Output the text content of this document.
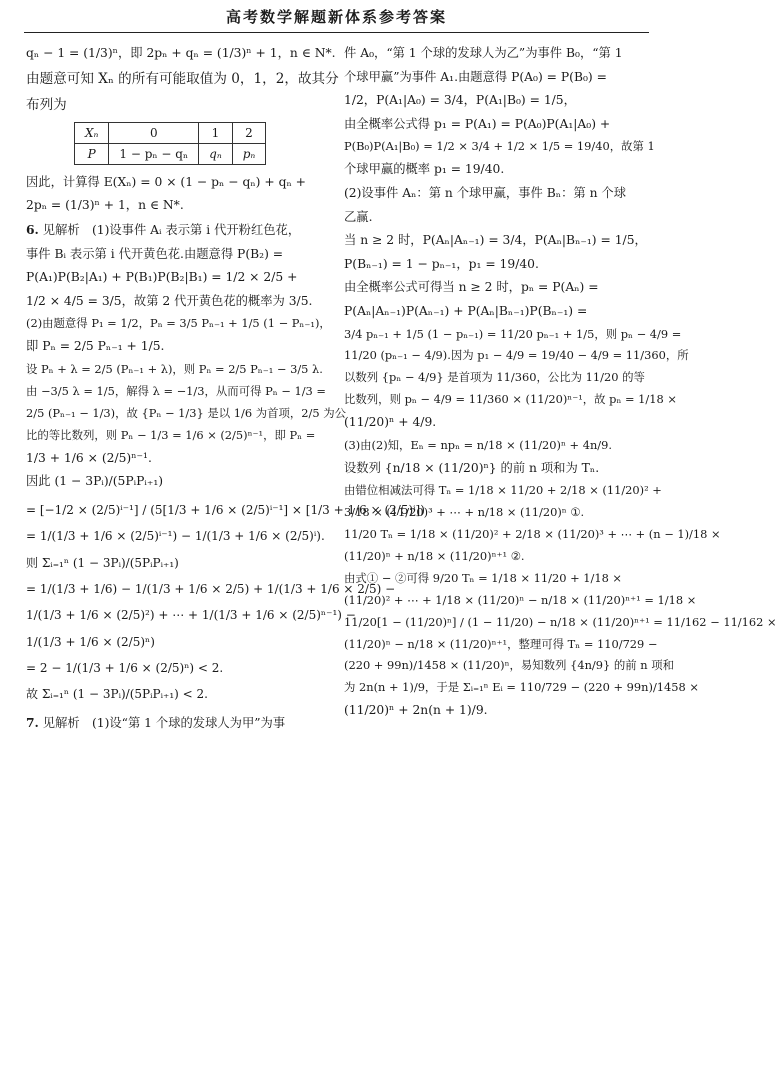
高考数学解题新体系参考答案
qₙ − 1 = (1/3)ⁿ，即 2pₙ + qₙ = (1/3)ⁿ + 1，n ∈ N*.
由题意可知 Xₙ 的所有可能取值为 0，1，2，故其分
布列为
Xₙ	0	1	2
P	1 − pₙ − qₙ	qₙ	pₙ
因此，计算得 E(Xₙ) = 0 × (1 − pₙ − qₙ) + qₙ +
2pₙ = (1/3)ⁿ + 1，n ∈ N*.
6. 见解析　(1)设事件 Aᵢ 表示第 i 代开粉红色花，
事件 Bᵢ 表示第 i 代开黄色花.由题意得 P(B₂) =
P(A₁)P(B₂|A₁) + P(B₁)P(B₂|B₁) = 1/2 × 2/5 +
1/2 × 4/5 = 3/5，故第 2 代开黄色花的概率为 3/5.
(2)由题意得 P₁ = 1/2，Pₙ = 3/5 Pₙ₋₁ + 1/5 (1 − Pₙ₋₁)，
即 Pₙ = 2/5 Pₙ₋₁ + 1/5.
设 Pₙ + λ = 2/5 (Pₙ₋₁ + λ)，则 Pₙ = 2/5 Pₙ₋₁ − 3/5 λ.
由 −3/5 λ = 1/5，解得 λ = −1/3，从而可得 Pₙ − 1/3 =
2/5 (Pₙ₋₁ − 1/3)，故 {Pₙ − 1/3} 是以 1/6 为首项，2/5 为公
比的等比数列，则 Pₙ − 1/3 = 1/6 × (2/5)ⁿ⁻¹，即 Pₙ =
1/3 + 1/6 × (2/5)ⁿ⁻¹.
因此 (1 − 3Pᵢ)/(5PᵢPᵢ₊₁)
= [−1/2 × (2/5)ⁱ⁻¹] / (5[1/3 + 1/6 × (2/5)ⁱ⁻¹] × [1/3 + 1/6 × (2/5)ⁱ])
= 1/(1/3 + 1/6 × (2/5)ⁱ⁻¹) − 1/(1/3 + 1/6 × (2/5)ⁱ).
则 Σᵢ₌₁ⁿ (1 − 3Pᵢ)/(5PᵢPᵢ₊₁)
= 1/(1/3 + 1/6) − 1/(1/3 + 1/6 × 2/5) + 1/(1/3 + 1/6 × 2/5) −
1/(1/3 + 1/6 × (2/5)²) + ⋯ + 1/(1/3 + 1/6 × (2/5)ⁿ⁻¹) −
1/(1/3 + 1/6 × (2/5)ⁿ)
= 2 − 1/(1/3 + 1/6 × (2/5)ⁿ) < 2.
故 Σᵢ₌₁ⁿ (1 − 3Pᵢ)/(5PᵢPᵢ₊₁) < 2.
7. 见解析　(1)设“第 1 个球的发球人为甲”为事
件 A₀，“第 1 个球的发球人为乙”为事件 B₀，“第 1
个球甲赢”为事件 A₁.由题意得 P(A₀) = P(B₀) =
1/2，P(A₁|A₀) = 3/4，P(A₁|B₀) = 1/5，
由全概率公式得 p₁ = P(A₁) = P(A₀)P(A₁|A₀) +
P(B₀)P(A₁|B₀) = 1/2 × 3/4 + 1/2 × 1/5 = 19/40，故第 1
个球甲赢的概率 p₁ = 19/40.
(2)设事件 Aₙ：第 n 个球甲赢，事件 Bₙ：第 n 个球
乙赢.
当 n ≥ 2 时，P(Aₙ|Aₙ₋₁) = 3/4，P(Aₙ|Bₙ₋₁) = 1/5，
P(Bₙ₋₁) = 1 − pₙ₋₁，p₁ = 19/40.
由全概率公式可得当 n ≥ 2 时，pₙ = P(Aₙ) =
P(Aₙ|Aₙ₋₁)P(Aₙ₋₁) + P(Aₙ|Bₙ₋₁)P(Bₙ₋₁) =
3/4 pₙ₋₁ + 1/5 (1 − pₙ₋₁) = 11/20 pₙ₋₁ + 1/5，则 pₙ − 4/9 =
11/20 (pₙ₋₁ − 4/9).因为 p₁ − 4/9 = 19/40 − 4/9 = 11/360，所
以数列 {pₙ − 4/9} 是首项为 11/360，公比为 11/20 的等
比数列，则 pₙ − 4/9 = 11/360 × (11/20)ⁿ⁻¹，故 pₙ = 1/18 ×
(11/20)ⁿ + 4/9.
(3)由(2)知，Eₙ = npₙ = n/18 × (11/20)ⁿ + 4n/9.
设数列 {n/18 × (11/20)ⁿ} 的前 n 项和为 Tₙ.
由错位相减法可得 Tₙ = 1/18 × 11/20 + 2/18 × (11/20)² +
3/18 × (11/20)³ + ⋯ + n/18 × (11/20)ⁿ ①.
11/20 Tₙ = 1/18 × (11/20)² + 2/18 × (11/20)³ + ⋯ + (n − 1)/18 ×
(11/20)ⁿ + n/18 × (11/20)ⁿ⁺¹ ②.
由式① − ②可得 9/20 Tₙ = 1/18 × 11/20 + 1/18 ×
(11/20)² + ⋯ + 1/18 × (11/20)ⁿ − n/18 × (11/20)ⁿ⁺¹ = 1/18 ×
11/20[1 − (11/20)ⁿ] / (1 − 11/20) − n/18 × (11/20)ⁿ⁺¹ = 11/162 − 11/162 ×
(11/20)ⁿ − n/18 × (11/20)ⁿ⁺¹，整理可得 Tₙ = 110/729 −
(220 + 99n)/1458 × (11/20)ⁿ，易知数列 {4n/9} 的前 n 项和
为 2n(n + 1)/9，于是 Σᵢ₌₁ⁿ Eᵢ = 110/729 − (220 + 99n)/1458 ×
(11/20)ⁿ + 2n(n + 1)/9.
